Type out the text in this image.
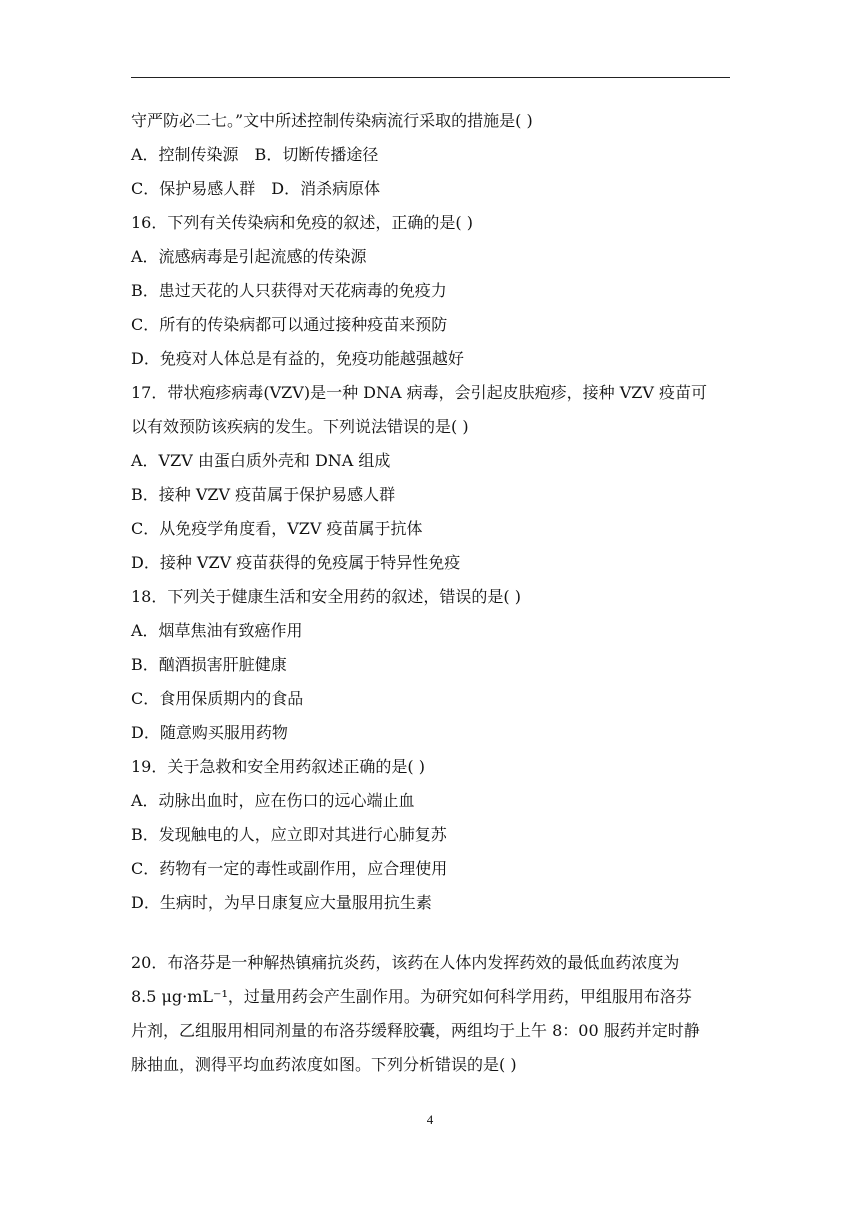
守严防必二七。”文中所述控制传染病流行采取的措施是( )
A．控制传染源　B．切断传播途径
C．保护易感人群　D．消杀病原体
16．下列有关传染病和免疫的叙述，正确的是( )
A．流感病毒是引起流感的传染源
B．患过天花的人只获得对天花病毒的免疫力
C．所有的传染病都可以通过接种疫苗来预防
D．免疫对人体总是有益的，免疫功能越强越好
17．带状疱疹病毒(VZV)是一种 DNA 病毒，会引起皮肤疱疹，接种 VZV 疫苗可
以有效预防该疾病的发生。下列说法错误的是( )
A．VZV 由蛋白质外壳和 DNA 组成
B．接种 VZV 疫苗属于保护易感人群
C．从免疫学角度看，VZV 疫苗属于抗体
D．接种 VZV 疫苗获得的免疫属于特异性免疫
18．下列关于健康生活和安全用药的叙述，错误的是( )
A．烟草焦油有致癌作用
B．酗酒损害肝脏健康
C．食用保质期内的食品
D．随意购买服用药物
19．关于急救和安全用药叙述正确的是( )
A．动脉出血时，应在伤口的远心端止血
B．发现触电的人，应立即对其进行心肺复苏
C．药物有一定的毒性或副作用，应合理使用
D．生病时，为早日康复应大量服用抗生素
20．布洛芬是一种解热镇痛抗炎药，该药在人体内发挥药效的最低血药浓度为
8.5 μg·mL⁻¹，过量用药会产生副作用。为研究如何科学用药，甲组服用布洛芬
片剂，乙组服用相同剂量的布洛芬缓释胶囊，两组均于上午 8：00 服药并定时静
脉抽血，测得平均血药浓度如图。下列分析错误的是( )
4
